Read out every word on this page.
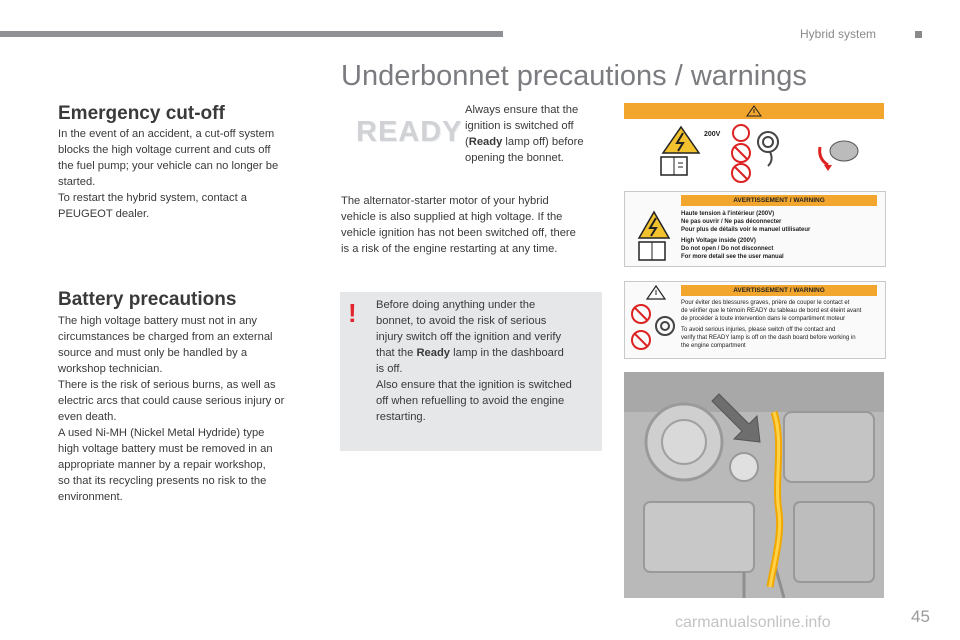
Hybrid system
Underbonnet precautions / warnings
Emergency cut-off

In the event of an accident, a cut-off system

blocks the high voltage current and cuts off

the fuel pump; your vehicle can no longer be

started.

To restart the hybrid system, contact a

PEUGEOT dealer.

Battery precautions

The high voltage battery must not in any

circumstances be charged from an external

source and must only be handled by a

workshop technician.

There is the risk of serious burns, as well as

electric arcs that could cause serious injury or

even death.

A used Ni-MH (Nickel Metal Hydride) type

high voltage battery must be removed in an

appropriate manner by a repair workshop,

so that its recycling presents no risk to the

environment.

READY

Always ensure that the

ignition is switched off

(Ready lamp off) before

opening the bonnet.

The alternator-starter motor of your hybrid

vehicle is also supplied at high voltage. If the

vehicle ignition has not been switched off, there

is a risk of the engine restarting at any time.

! Before doing anything under the

bonnet, to avoid the risk of serious

injury switch off the ignition and verify

that the Ready lamp in the dashboard

is off.

Also ensure that the ignition is switched

off when refuelling to avoid the engine

restarting.

200V
AVERTISSEMENT / WARNING
Haute tension à l'intérieur (200V)
Ne pas ouvrir / Ne pas déconnecter
Pour plus de détails voir le manuel utilisateur
High Voltage inside (200V)
Do not open / Do not disconnect
For more detail see the user manual
AVERTISSEMENT / WARNING
Pour éviter des blessures graves, prière de couper le contact et
de vérifier que le témoin READY du tableau de bord est éteint avant
de procéder à toute intervention dans le compartiment moteur
To avoid serious injuries, please switch off the contact and
verify that READY lamp is off on the dash board before working in
the engine compartment
45
carmanualsonline.info
